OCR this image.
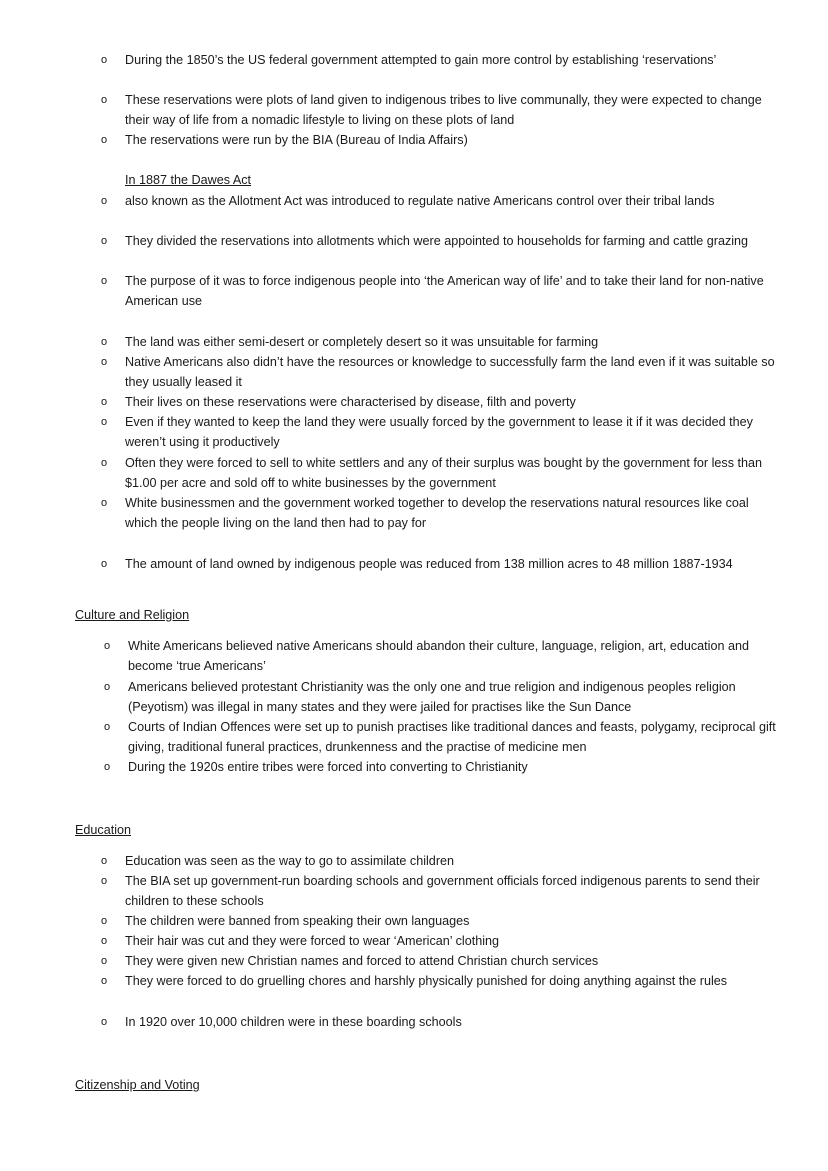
In 1887 the Dawes Act
Culture and Religion
Education
Citizenship and Voting
o During the 1850’s the US federal government attempted to gain more control by establishing ‘reservations’
o These reservations were plots of land given to indigenous tribes to live communally, they were expected to change their way of life from a nomadic lifestyle to living on these plots of land
o The reservations were run by the BIA (Bureau of India Affairs)
o also known as the Allotment Act was introduced to regulate native Americans control over their tribal lands
o They divided the reservations into allotments which were appointed to households for farming and cattle grazing
o The purpose of it was to force indigenous people into ‘the American way of life’ and to take their land for non-native American use
o The land was either semi-desert or completely desert so it was unsuitable for farming
o Native Americans also didn’t have the resources or knowledge to successfully farm the land even if it was suitable so they usually leased it
o Their lives on these reservations were characterised by disease, filth and poverty
o Even if they wanted to keep the land they were usually forced by the government to lease it if it was decided they weren’t using it productively
o Often they were forced to sell to white settlers and any of their surplus was bought by the government for less than $1.00 per acre and sold off to white businesses by the government
o White businessmen and the government worked together to develop the reservations natural resources like coal which the people living on the land then had to pay for
o The amount of land owned by indigenous people was reduced from 138 million acres to 48 million 1887-1934
o White Americans believed native Americans should abandon their culture, language, religion, art, education and become ‘true Americans’
o Americans believed protestant Christianity was the only one and true religion and indigenous peoples religion (Peyotism) was illegal in many states and they were jailed for practises like the Sun Dance
o Courts of Indian Offences were set up to punish practises like traditional dances and feasts, polygamy, reciprocal gift giving, traditional funeral practices, drunkenness and the practise of medicine men
o During the 1920s entire tribes were forced into converting to Christianity
o Education was seen as the way to go to assimilate children
o The BIA set up government-run boarding schools and government officials forced indigenous parents to send their children to these schools
o The children were banned from speaking their own languages
o Their hair was cut and they were forced to wear ‘American’ clothing
o They were given new Christian names and forced to attend Christian church services
o They were forced to do gruelling chores and harshly physically punished for doing anything against the rules
o In 1920 over 10,000 children were in these boarding schools
